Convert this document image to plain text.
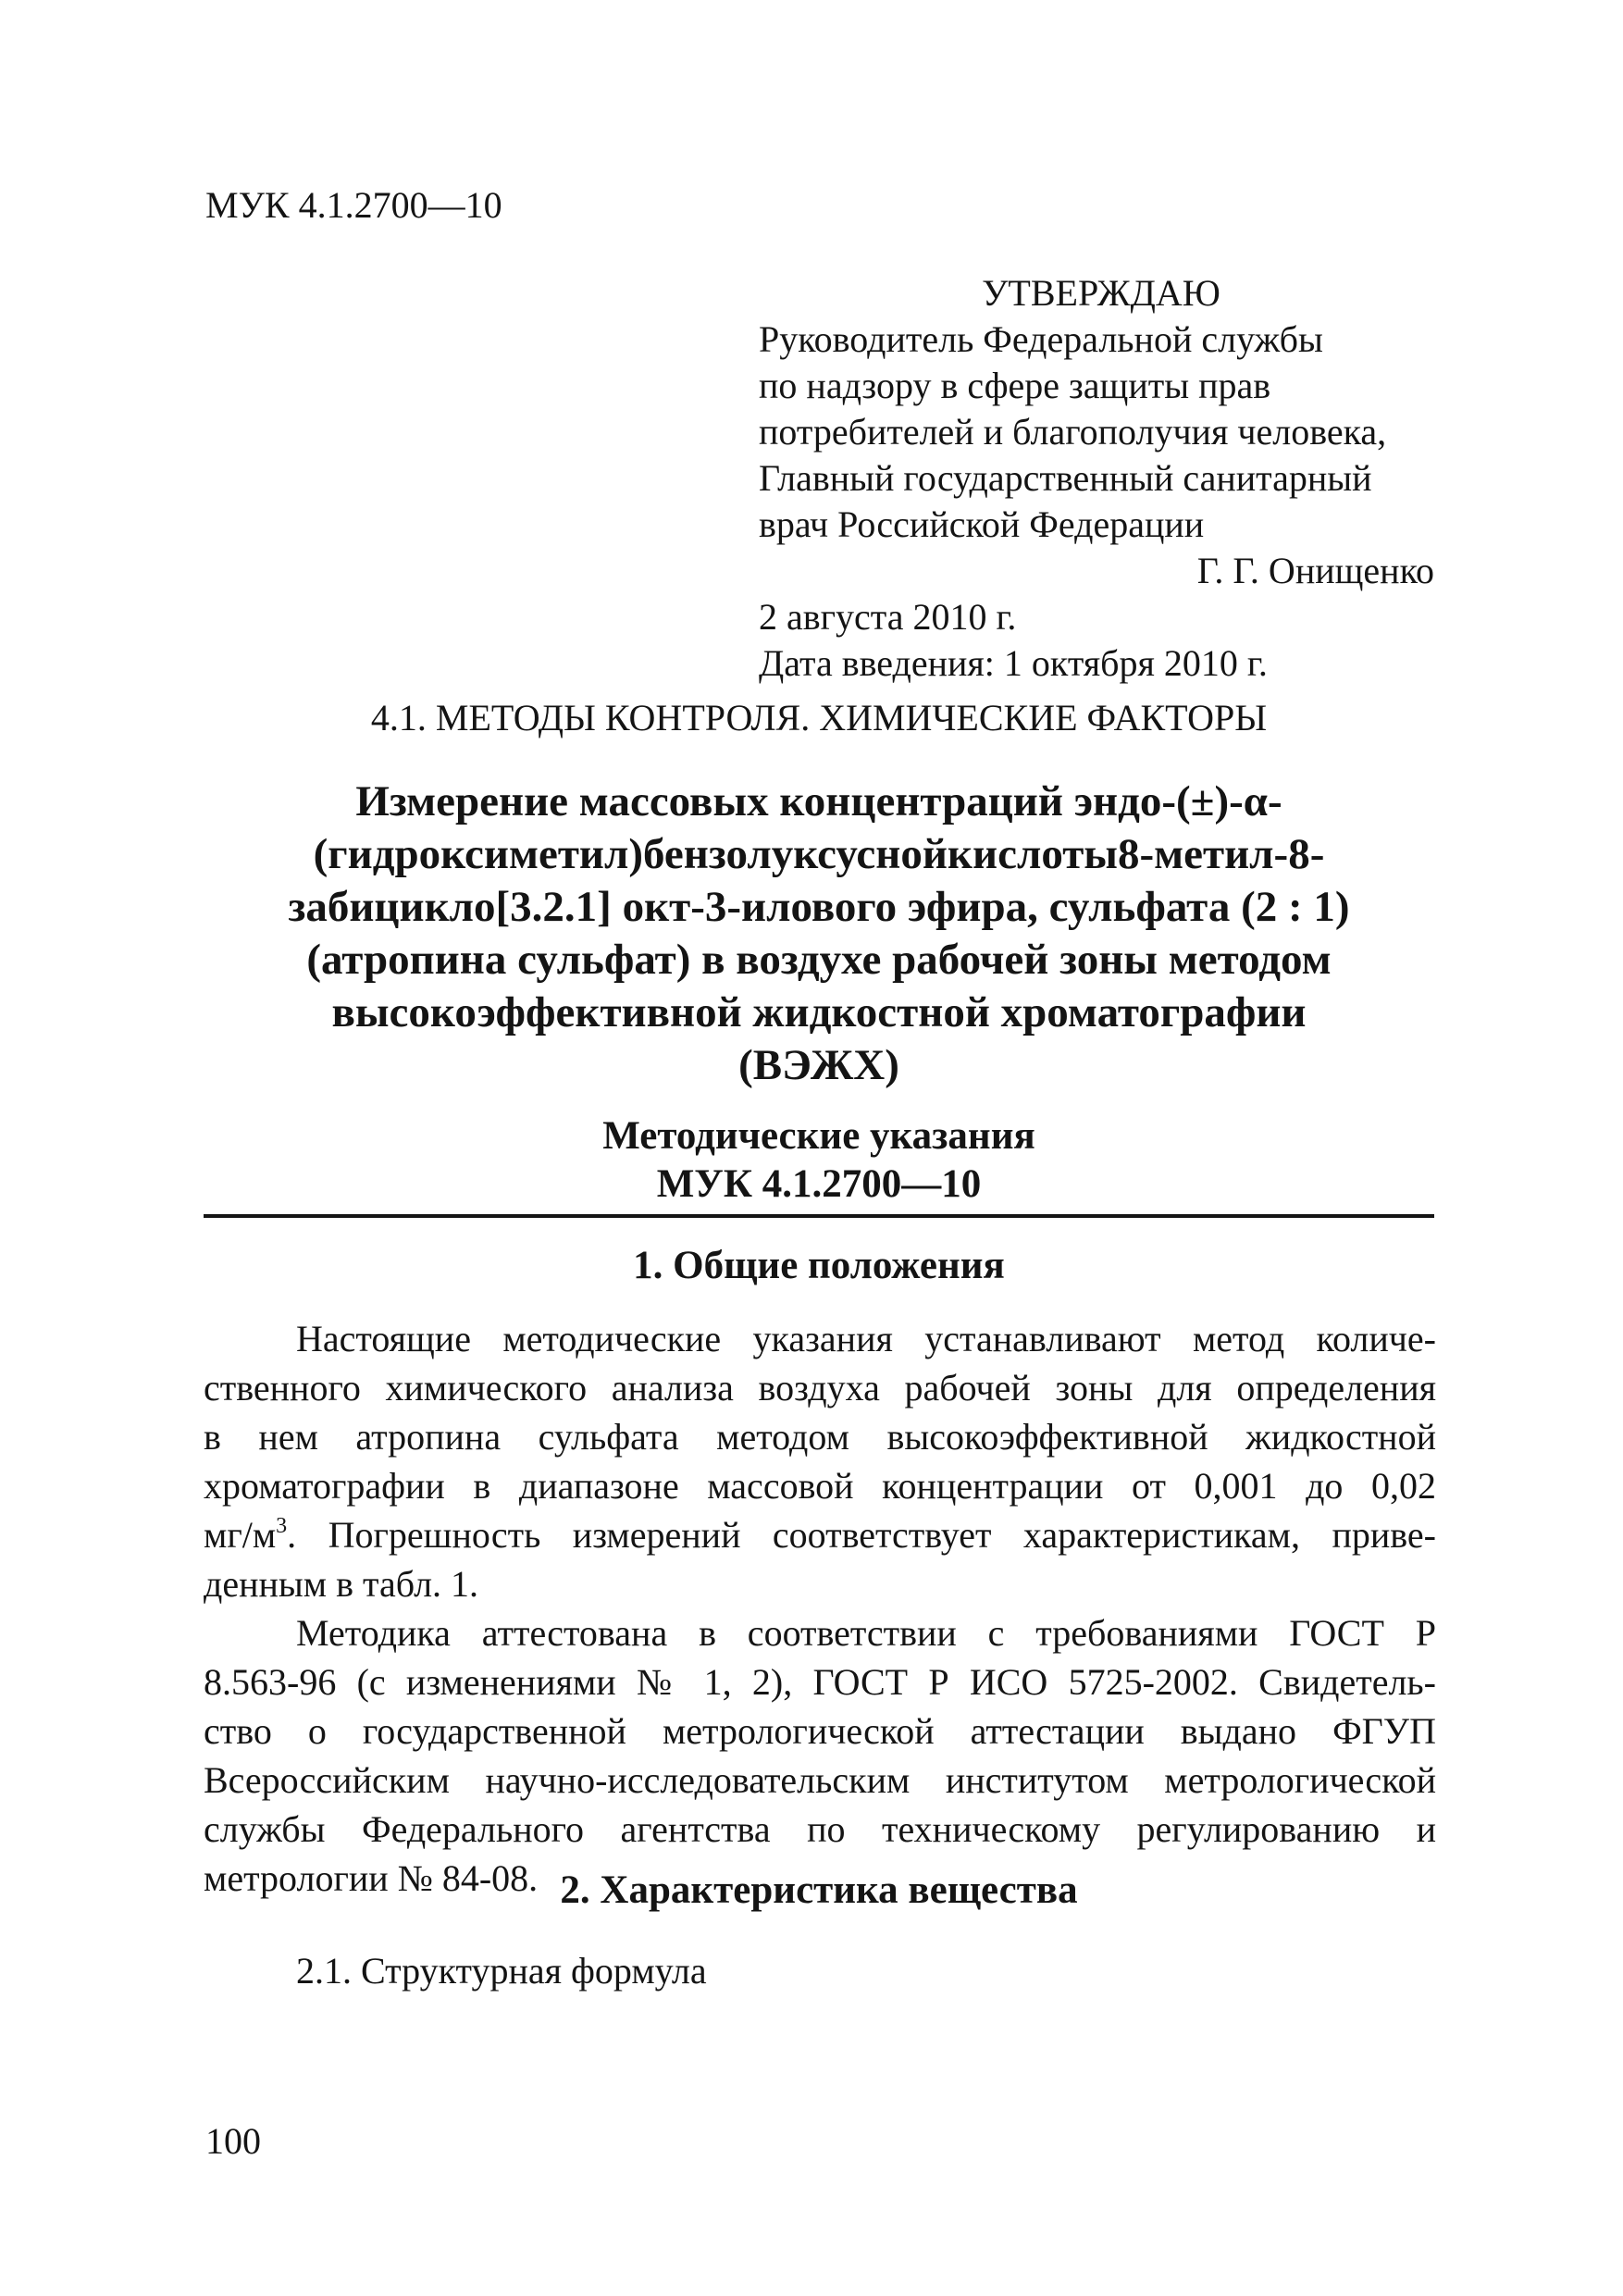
МУК 4.1.2700—10
УТВЕРЖДАЮ
Руководитель Федеральной службы
по надзору в сфере защиты прав
потребителей и благополучия человека,
Главный государственный санитарный
врач Российской Федерации
Г. Г. Онищенко
2 августа 2010 г.
Дата введения: 1 октября 2010 г.
4.1. МЕТОДЫ КОНТРОЛЯ. ХИМИЧЕСКИЕ ФАКТОРЫ
Измерение массовых концентраций эндо-(±)-α-
(гидроксиметил)бензолуксуснойкислоты8-метил-8-
забицикло[3.2.1] окт-3-илового эфира, сульфата (2 : 1)
(атропина сульфат) в воздухе рабочей зоны методом
высокоэффективной жидкостной хроматографии
(ВЭЖХ)
Методические указания
МУК 4.1.2700—10
1. Общие положения
Настоящие методические указания устанавливают метод количе-
ственного химического анализа воздуха рабочей зоны для определения
в нем атропина сульфата методом высокоэффективной жидкостной
хроматографии в диапазоне массовой концентрации от 0,001 до 0,02
$мг/м^3$. Погрешность измерений соответствует характеристикам, приве-
денным в табл. 1.
Методика аттестована в соответствии с требованиями ГОСТ Р
8.563-96 (с изменениями № 1, 2), ГОСТ Р ИСО 5725-2002. Свидетель-
ство о государственной метрологической аттестации выдано ФГУП
Всероссийским научно-исследовательским институтом метрологической
службы Федерального агентства по техническому регулированию и
метрологии № 84-08. 2. Характеристика вещества
2.1. Структурная формула
100
